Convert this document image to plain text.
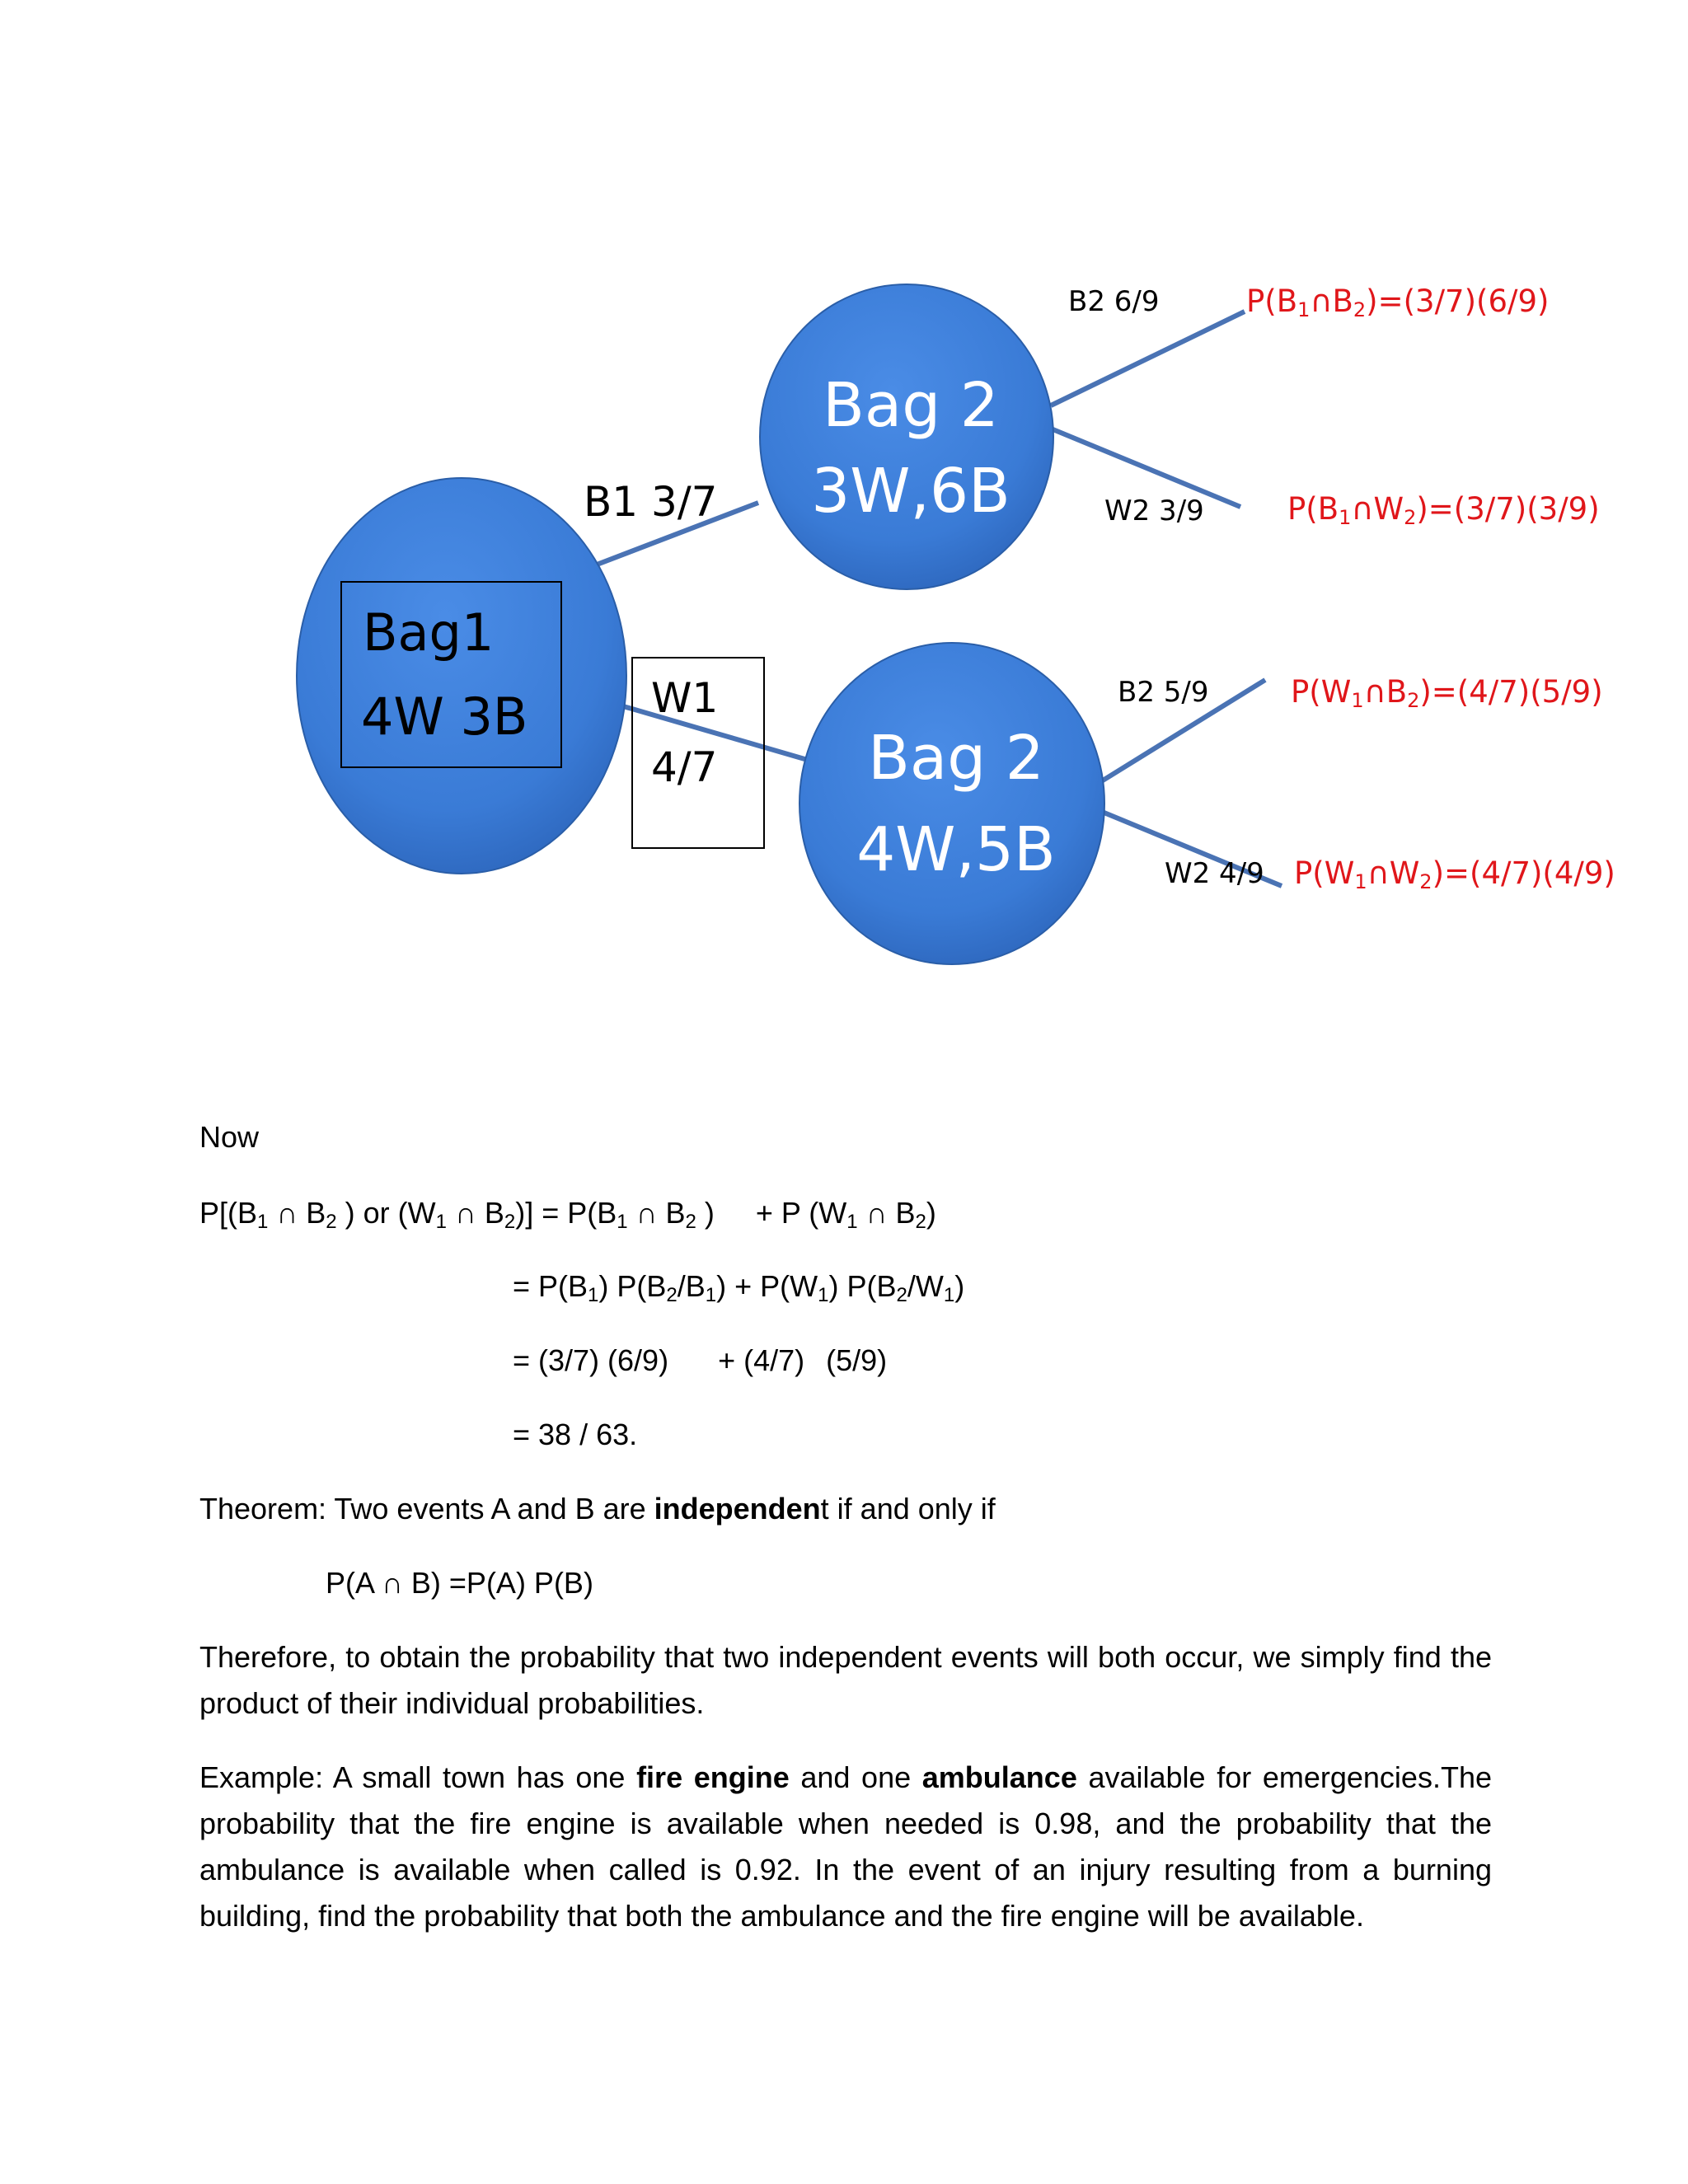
Bag1
4W 3B
Bag 2
3W,6B
Bag 2
4W,5B
B1 3/7
W1
4/7
B2 6/9
W2 3/9
B2 5/9
W2 4/9
$P(B_1\cap B_2)=(3/7)(6/9)$
$P(B_1\cap W_2)=(3/7)(3/9)$
$P(W_1\cap B_2)=(4/7)(5/9)$
$P(W_1\cap W_2)=(4/7)(4/9)$
Now
$P[(B_1$ ∩ $B_2$ ) or ($W_1$ ∩ $B_2)] = P(B_1$ ∩ $B_2$ ) + P ($W_1$ ∩ $B_2$)
= $P(B_1) P(B_2/B_1) + P(W_1)$ $P(B_2/W_1)$
= (3/7) (6/9) + (4/7) (5/9)
= 38 / 63.
Theorem: Two events A and B are independent if and only if
P(A ∩ B) =P(A) P(B)
Therefore, to obtain the probability that two independent events will both occur, we simply find the product of their individual probabilities.
Example: A small town has one fire engine and one ambulance available for emergencies.The probability that the fire engine is available when needed is 0.98, and the probability that the ambulance is available when called is 0.92. In the event of an injury resulting from a burning building, find the probability that both the ambulance and the fire engine will be available.
